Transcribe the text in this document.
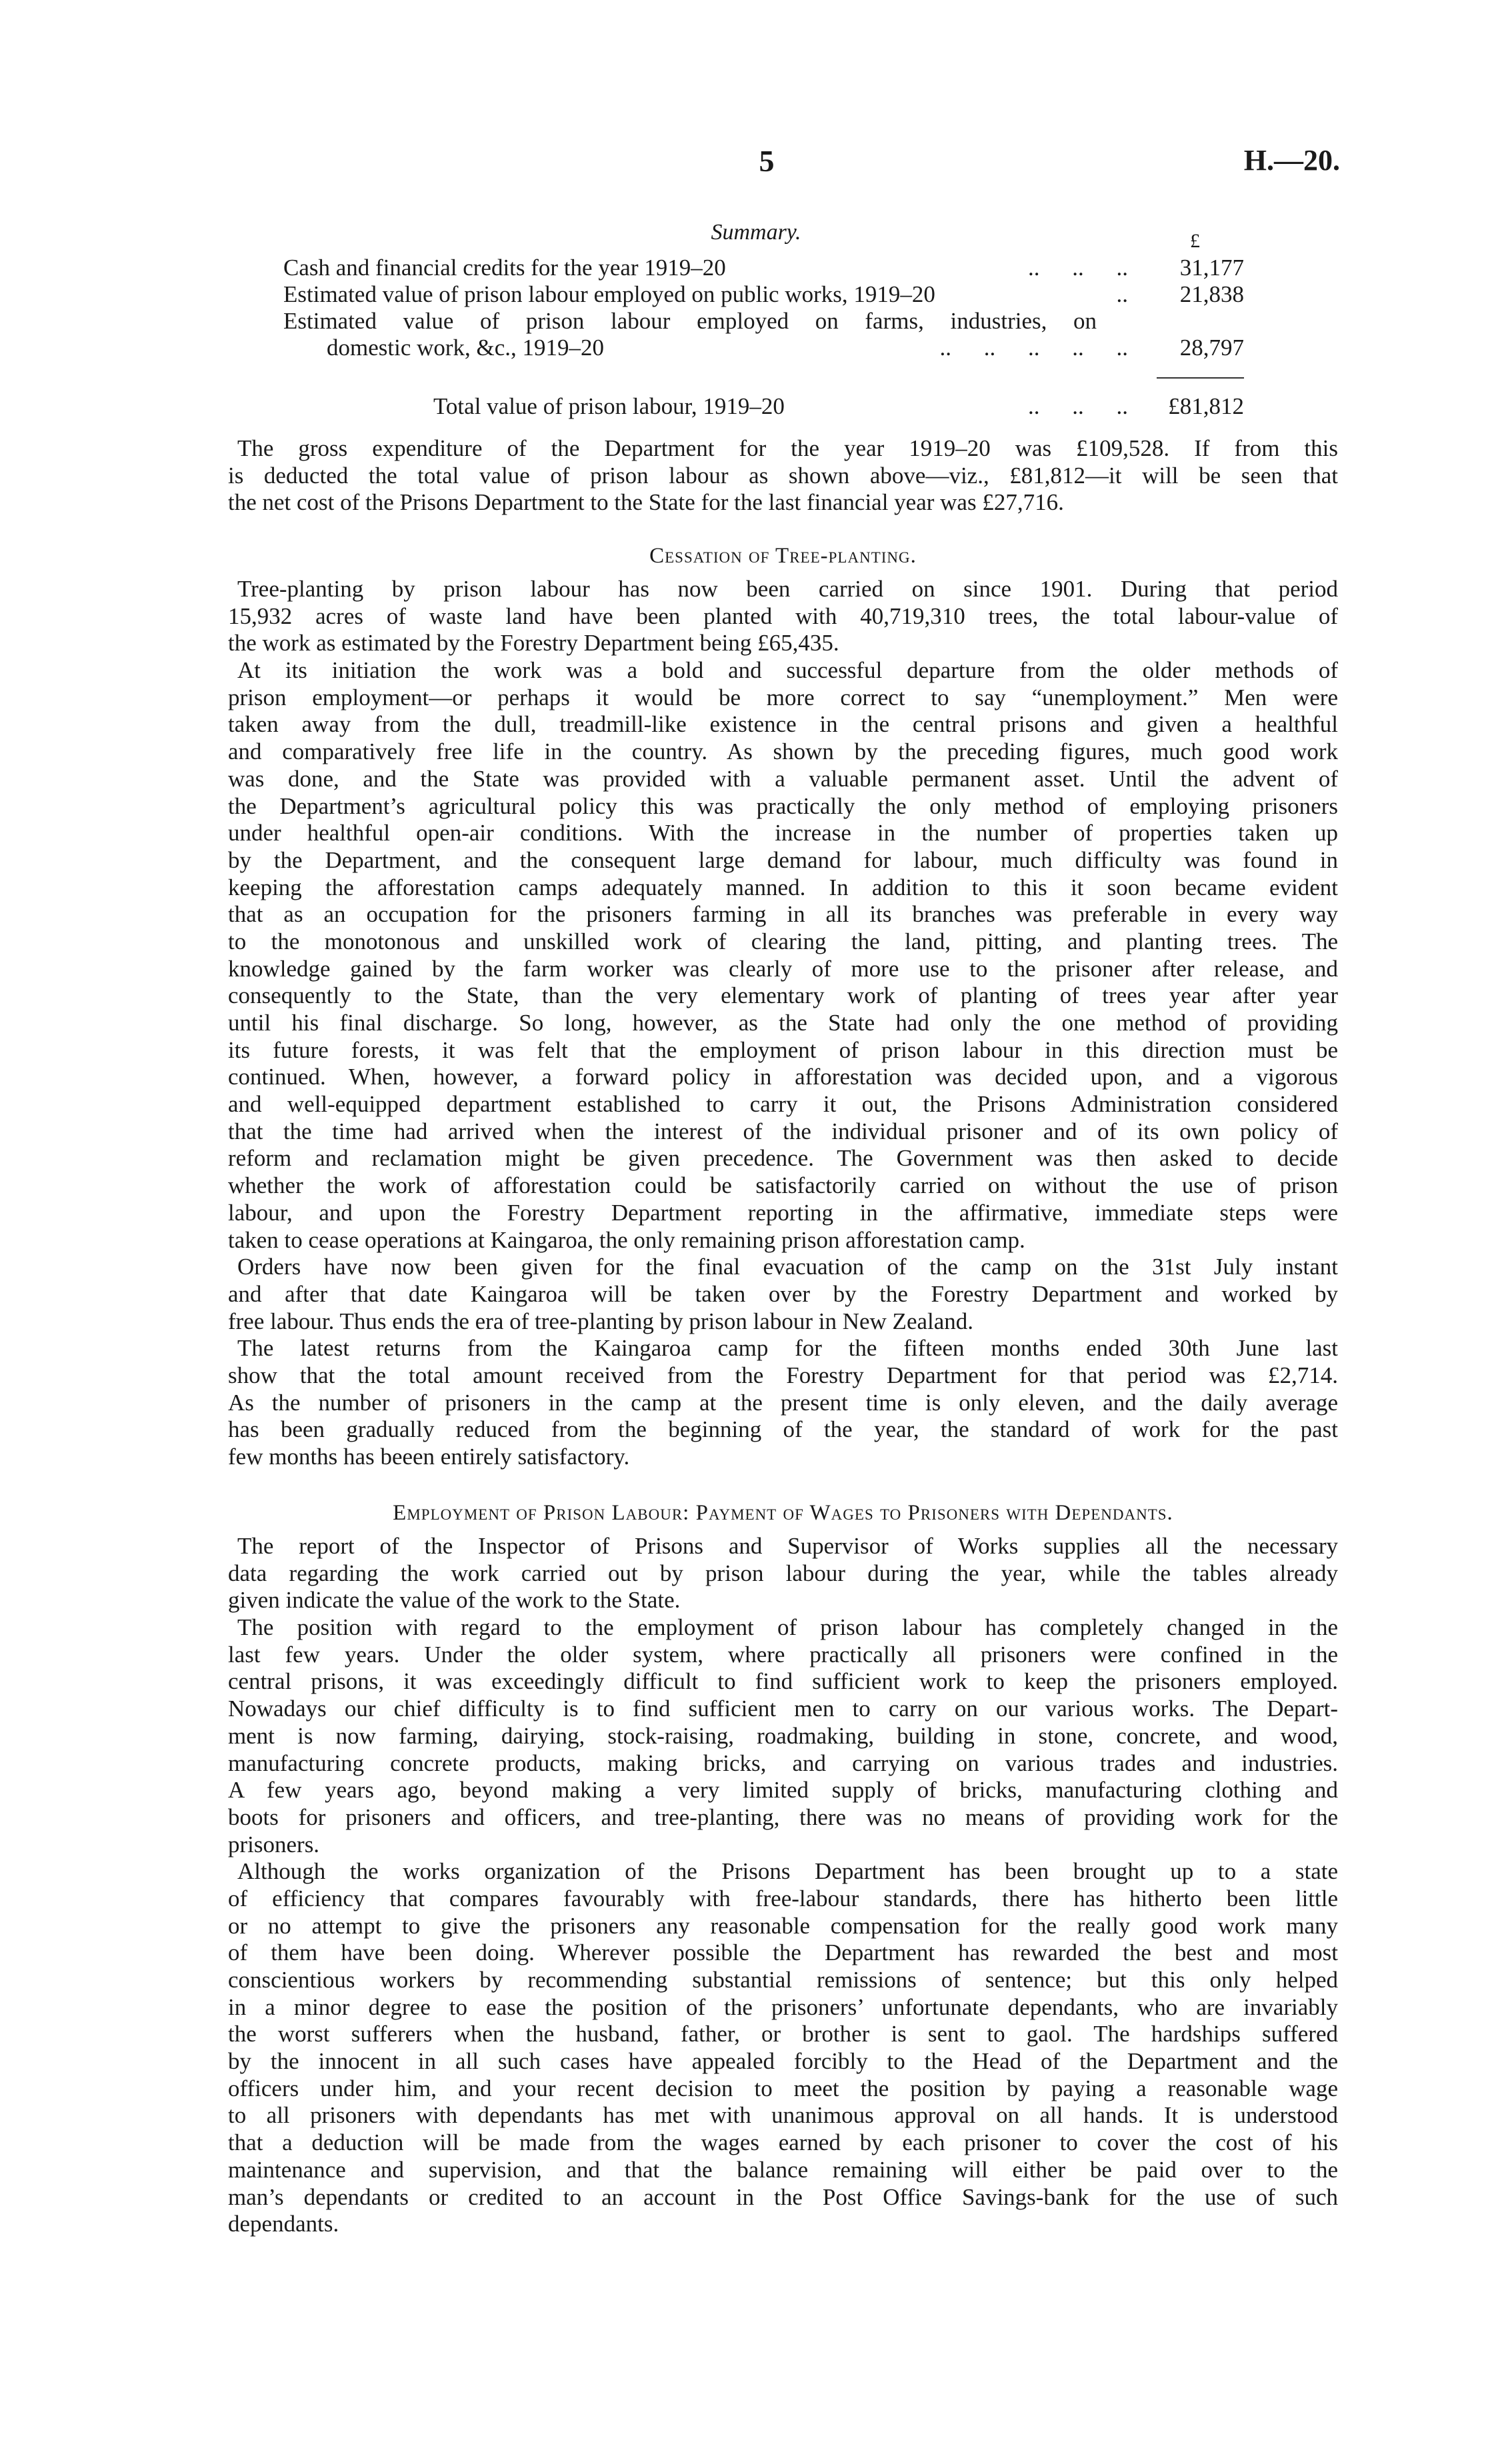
5	H.—20.
Summary.	£
Cash and financial credits for the year 1919–20	.. .. ..	31,177
Estimated value of prison labour employed on public works, 1919–20	..	21,838
Estimated value of prison labour employed on farms, industries, on
domestic work, &c., 1919–20	.. .. .. .. ..	28,797
Total value of prison labour, 1919–20	.. .. ..	£81,812
The gross expenditure of the Department for the year 1919–20 was £109,528. If from this
is deducted the total value of prison labour as shown above—viz., £81,812—it will be seen that
the net cost of the Prisons Department to the State for the last financial year was £27,716.
Cessation of Tree-planting.
Tree-planting by prison labour has now been carried on since 1901. During that period
15,932 acres of waste land have been planted with 40,719,310 trees, the total labour-value of
the work as estimated by the Forestry Department being £65,435.
At its initiation the work was a bold and successful departure from the older methods of
prison employment—or perhaps it would be more correct to say “unemployment.” Men were
taken away from the dull, treadmill-like existence in the central prisons and given a healthful
and comparatively free life in the country. As shown by the preceding figures, much good work
was done, and the State was provided with a valuable permanent asset. Until the advent of
the Department’s agricultural policy this was practically the only method of employing prisoners
under healthful open-air conditions. With the increase in the number of properties taken up
by the Department, and the consequent large demand for labour, much difficulty was found in
keeping the afforestation camps adequately manned. In addition to this it soon became evident
that as an occupation for the prisoners farming in all its branches was preferable in every way
to the monotonous and unskilled work of clearing the land, pitting, and planting trees. The
knowledge gained by the farm worker was clearly of more use to the prisoner after release, and
consequently to the State, than the very elementary work of planting of trees year after year
until his final discharge. So long, however, as the State had only the one method of providing
its future forests, it was felt that the employment of prison labour in this direction must be
continued. When, however, a forward policy in afforestation was decided upon, and a vigorous
and well-equipped department established to carry it out, the Prisons Administration considered
that the time had arrived when the interest of the individual prisoner and of its own policy of
reform and reclamation might be given precedence. The Government was then asked to decide
whether the work of afforestation could be satisfactorily carried on without the use of prison
labour, and upon the Forestry Department reporting in the affirmative, immediate steps were
taken to cease operations at Kaingaroa, the only remaining prison afforestation camp.
Orders have now been given for the final evacuation of the camp on the 31st July instant
and after that date Kaingaroa will be taken over by the Forestry Department and worked by
free labour. Thus ends the era of tree-planting by prison labour in New Zealand.
The latest returns from the Kaingaroa camp for the fifteen months ended 30th June last
show that the total amount received from the Forestry Department for that period was £2,714.
As the number of prisoners in the camp at the present time is only eleven, and the daily average
has been gradually reduced from the beginning of the year, the standard of work for the past
few months has beeen entirely satisfactory.
Employment of Prison Labour: Payment of Wages to Prisoners with Dependants.
The report of the Inspector of Prisons and Supervisor of Works supplies all the necessary
data regarding the work carried out by prison labour during the year, while the tables already
given indicate the value of the work to the State.
The position with regard to the employment of prison labour has completely changed in the
last few years. Under the older system, where practically all prisoners were confined in the
central prisons, it was exceedingly difficult to find sufficient work to keep the prisoners employed.
Nowadays our chief difficulty is to find sufficient men to carry on our various works. The Depart-
ment is now farming, dairying, stock-raising, roadmaking, building in stone, concrete, and wood,
manufacturing concrete products, making bricks, and carrying on various trades and industries.
A few years ago, beyond making a very limited supply of bricks, manufacturing clothing and
boots for prisoners and officers, and tree-planting, there was no means of providing work for the
prisoners.
Although the works organization of the Prisons Department has been brought up to a state
of efficiency that compares favourably with free-labour standards, there has hitherto been little
or no attempt to give the prisoners any reasonable compensation for the really good work many
of them have been doing. Wherever possible the Department has rewarded the best and most
conscientious workers by recommending substantial remissions of sentence; but this only helped
in a minor degree to ease the position of the prisoners’ unfortunate dependants, who are invariably
the worst sufferers when the husband, father, or brother is sent to gaol. The hardships suffered
by the innocent in all such cases have appealed forcibly to the Head of the Department and the
officers under him, and your recent decision to meet the position by paying a reasonable wage
to all prisoners with dependants has met with unanimous approval on all hands. It is understood
that a deduction will be made from the wages earned by each prisoner to cover the cost of his
maintenance and supervision, and that the balance remaining will either be paid over to the
man’s dependants or credited to an account in the Post Office Savings-bank for the use of such
dependants.
